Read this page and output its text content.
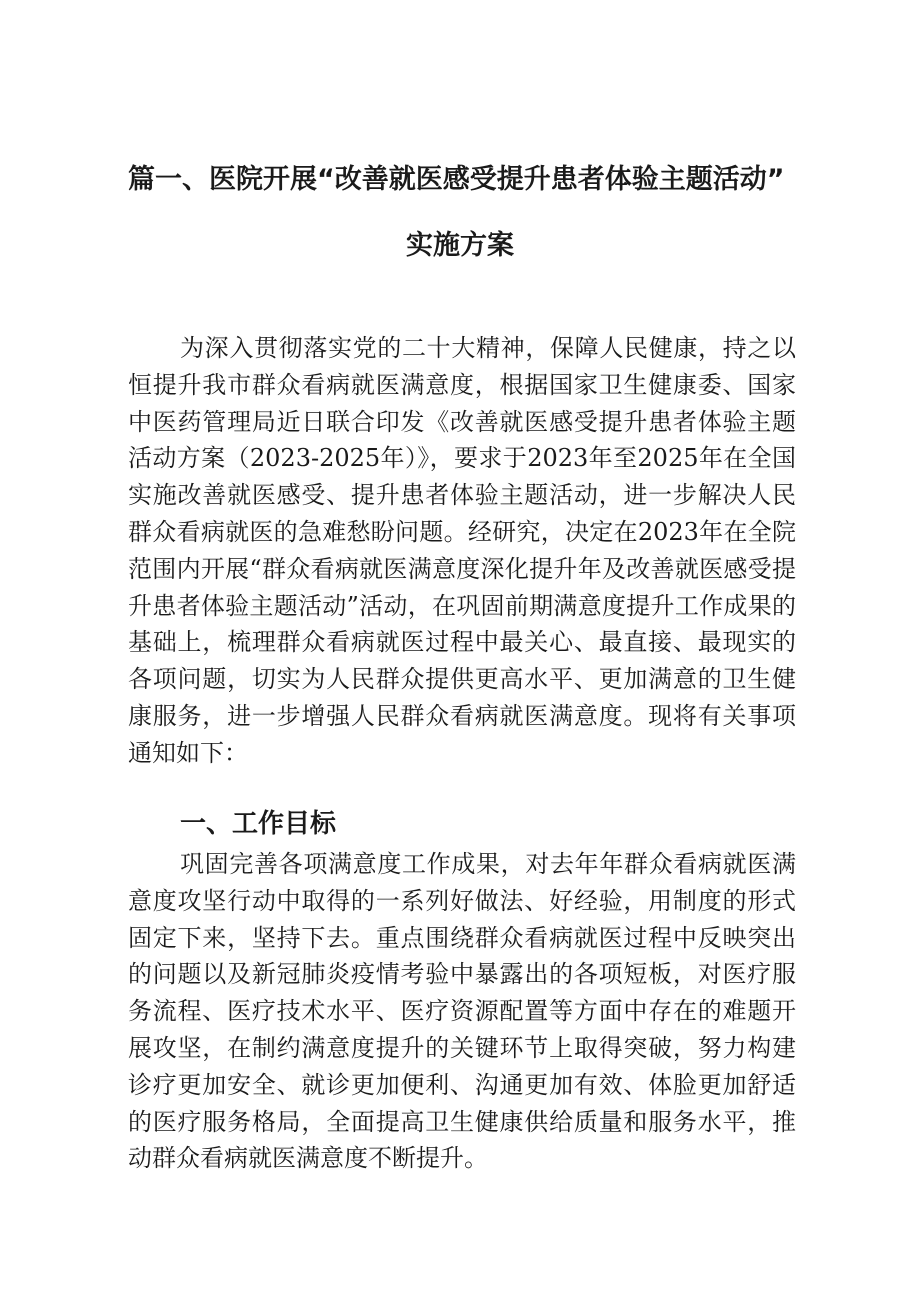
篇一、医院开展“改善就医感受提升患者体验主题活动”
实施方案

为深入贯彻落实党的二十大精神，保障人民健康，持之以恒提升我市群众看病就医满意度，根据国家卫生健康委、国家中医药管理局近日联合印发《改善就医感受提升患者体验主题活动方案（2023-2025年）》，要求于2023年至2025年在全国实施改善就医感受、提升患者体验主题活动，进一步解决人民群众看病就医的急难愁盼问题。经研究，决定在2023年在全院范围内开展“群众看病就医满意度深化提升年及改善就医感受提升患者体验主题活动”活动，在巩固前期满意度提升工作成果的基础上，梳理群众看病就医过程中最关心、最直接、最现实的各项问题，切实为人民群众提供更高水平、更加满意的卫生健康服务，进一步增强人民群众看病就医满意度。现将有关事项通知如下：

一、工作目标

巩固完善各项满意度工作成果，对去年年群众看病就医满意度攻坚行动中取得的一系列好做法、好经验，用制度的形式固定下来，坚持下去。重点围绕群众看病就医过程中反映突出的问题以及新冠肺炎疫情考验中暴露出的各项短板，对医疗服务流程、医疗技术水平、医疗资源配置等方面中存在的难题开展攻坚，在制约满意度提升的关键环节上取得突破，努力构建诊疗更加安全、就诊更加便利、沟通更加有效、体脸更加舒适的医疗服务格局，全面提高卫生健康供给质量和服务水平，推动群众看病就医满意度不断提升。
